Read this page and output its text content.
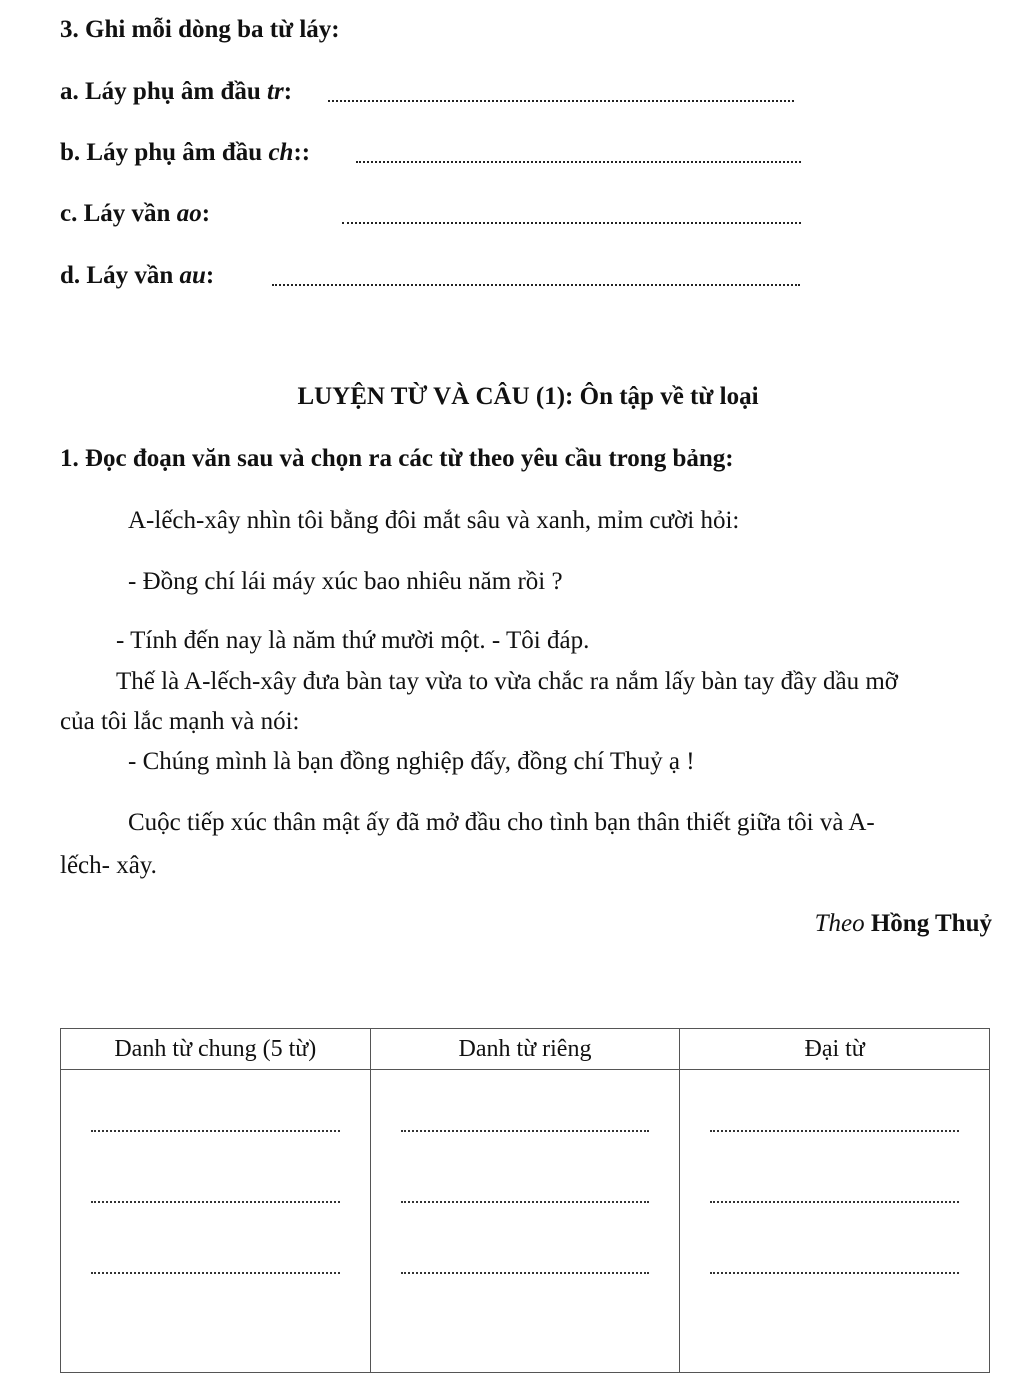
3. Ghi mỗi dòng ba từ láy:
a. Láy phụ âm đầu tr:
b. Láy phụ âm đầu ch::
c. Láy vần ao:
d. Láy vần au:
LUYỆN TỪ VÀ CÂU (1): Ôn tập về từ loại
1. Đọc đoạn văn sau và chọn ra các từ theo yêu cầu trong bảng:
A-lếch-xây nhìn tôi bằng đôi mắt sâu và xanh, mỉm cười hỏi:
- Đồng chí lái máy xúc bao nhiêu năm rồi ?
- Tính đến nay là năm thứ mười một. - Tôi đáp.
Thế là A-lếch-xây đưa bàn tay vừa to vừa chắc ra nắm lấy bàn tay đầy dầu mỡ
của tôi lắc mạnh và nói:
- Chúng mình là bạn đồng nghiệp đấy, đồng chí Thuỷ ạ !
Cuộc tiếp xúc thân mật ấy đã mở đầu cho tình bạn thân thiết giữa tôi và A-
lếch- xây.
Theo Hồng Thuỷ
Danh từ chung (5 từ)	Danh từ riêng	Đại từ
